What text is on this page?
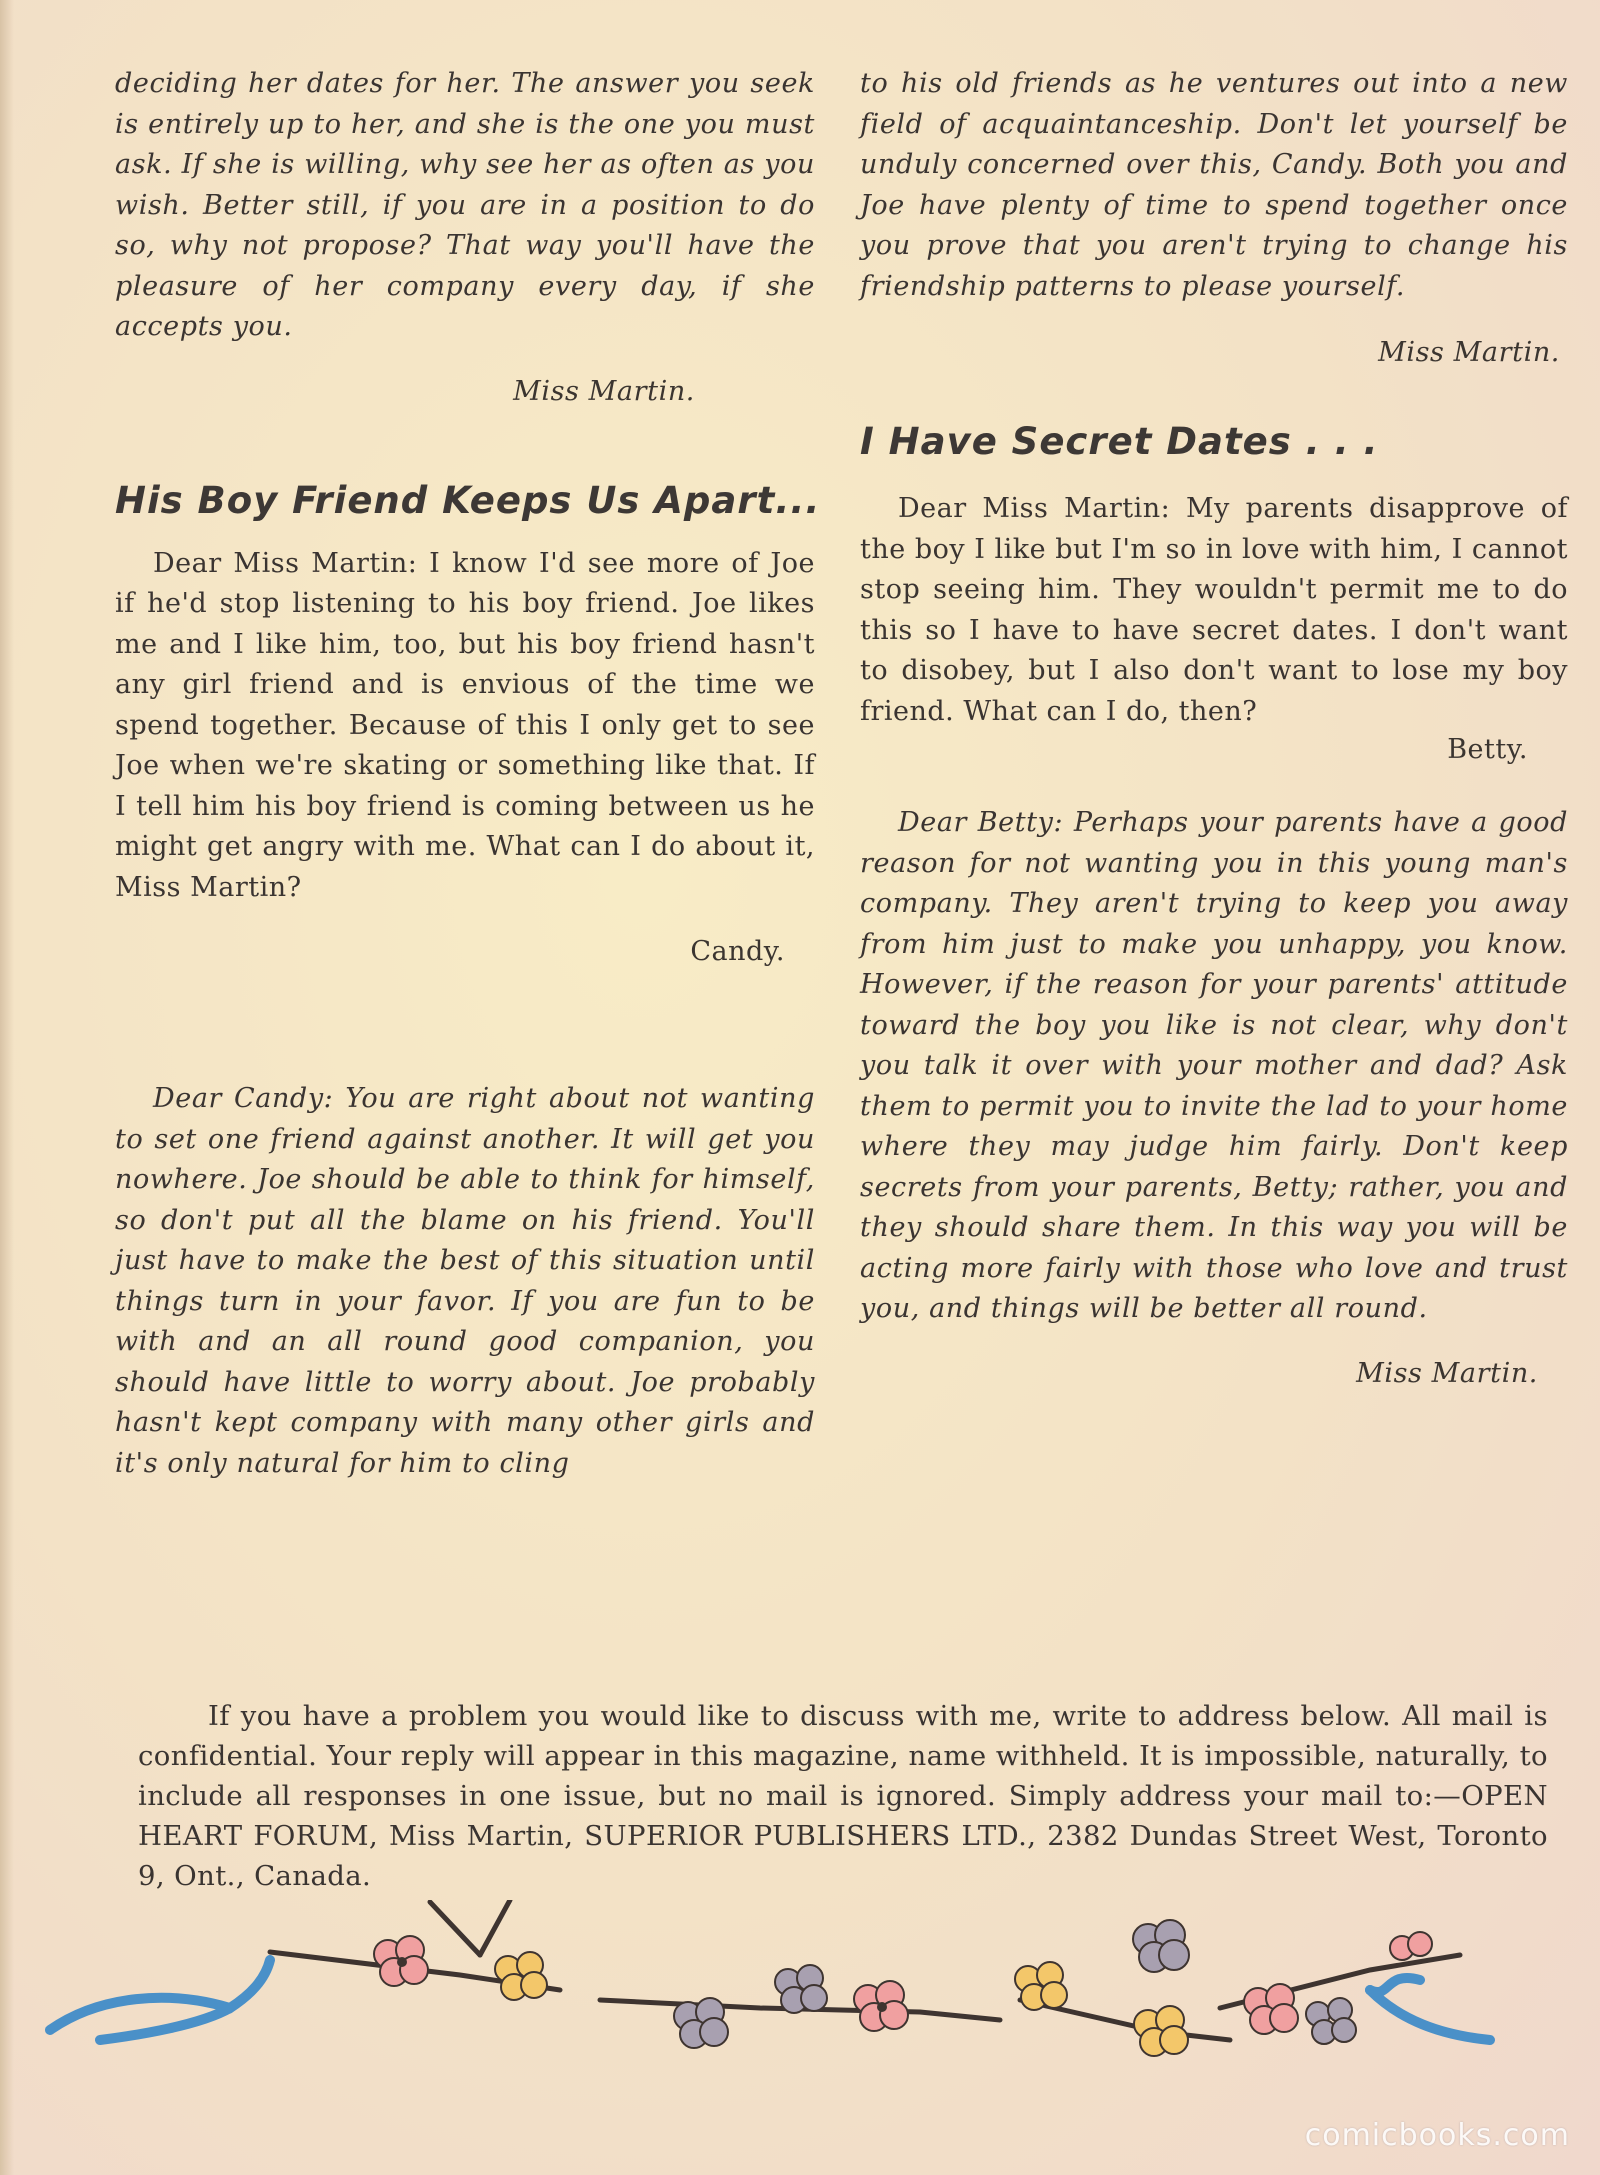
deciding her dates for her. The answer you seek is entirely up to her, and she is the one you must ask. If she is willing, why see her as often as you wish. Better still, if you are in a position to do so, why not propose? That way you'll have the pleasure of her company every day, if she accepts you.

Miss Martin.

His Boy Friend Keeps Us Apart...

Dear Miss Martin: I know I'd see more of Joe if he'd stop listening to his boy friend. Joe likes me and I like him, too, but his boy friend hasn't any girl friend and is envious of the time we spend together. Because of this I only get to see Joe when we're skating or something like that. If I tell him his boy friend is coming between us he might get angry with me. What can I do about it, Miss Martin?

Candy.

Dear Candy: You are right about not wanting to set one friend against another. It will get you nowhere. Joe should be able to think for himself, so don't put all the blame on his friend. You'll just have to make the best of this situation until things turn in your favor. If you are fun to be with and an all round good companion, you should have little to worry about. Joe probably hasn't kept company with many other girls and it's only natural for him to cling

to his old friends as he ventures out into a new field of acquaintanceship. Don't let yourself be unduly concerned over this, Candy. Both you and Joe have plenty of time to spend together once you prove that you aren't trying to change his friendship patterns to please yourself.

Miss Martin.

I Have Secret Dates . . .

Dear Miss Martin: My parents disapprove of the boy I like but I'm so in love with him, I cannot stop seeing him. They wouldn't permit me to do this so I have to have secret dates. I don't want to disobey, but I also don't want to lose my boy friend. What can I do, then?

Betty.

Dear Betty: Perhaps your parents have a good reason for not wanting you in this young man's company. They aren't trying to keep you away from him just to make you unhappy, you know. However, if the reason for your parents' attitude toward the boy you like is not clear, why don't you talk it over with your mother and dad? Ask them to permit you to invite the lad to your home where they may judge him fairly. Don't keep secrets from your parents, Betty; rather, you and they should share them. In this way you will be acting more fairly with those who love and trust you, and things will be better all round.

Miss Martin.

If you have a problem you would like to discuss with me, write to address below. All mail is confidential. Your reply will appear in this magazine, name withheld. It is impossible, naturally, to include all responses in one issue, but no mail is ignored. Simply address your mail to:—OPEN HEART FORUM, Miss Martin, SUPERIOR PUBLISHERS LTD., 2382 Dundas Street West, Toronto 9, Ont., Canada.

comicbooks.com
